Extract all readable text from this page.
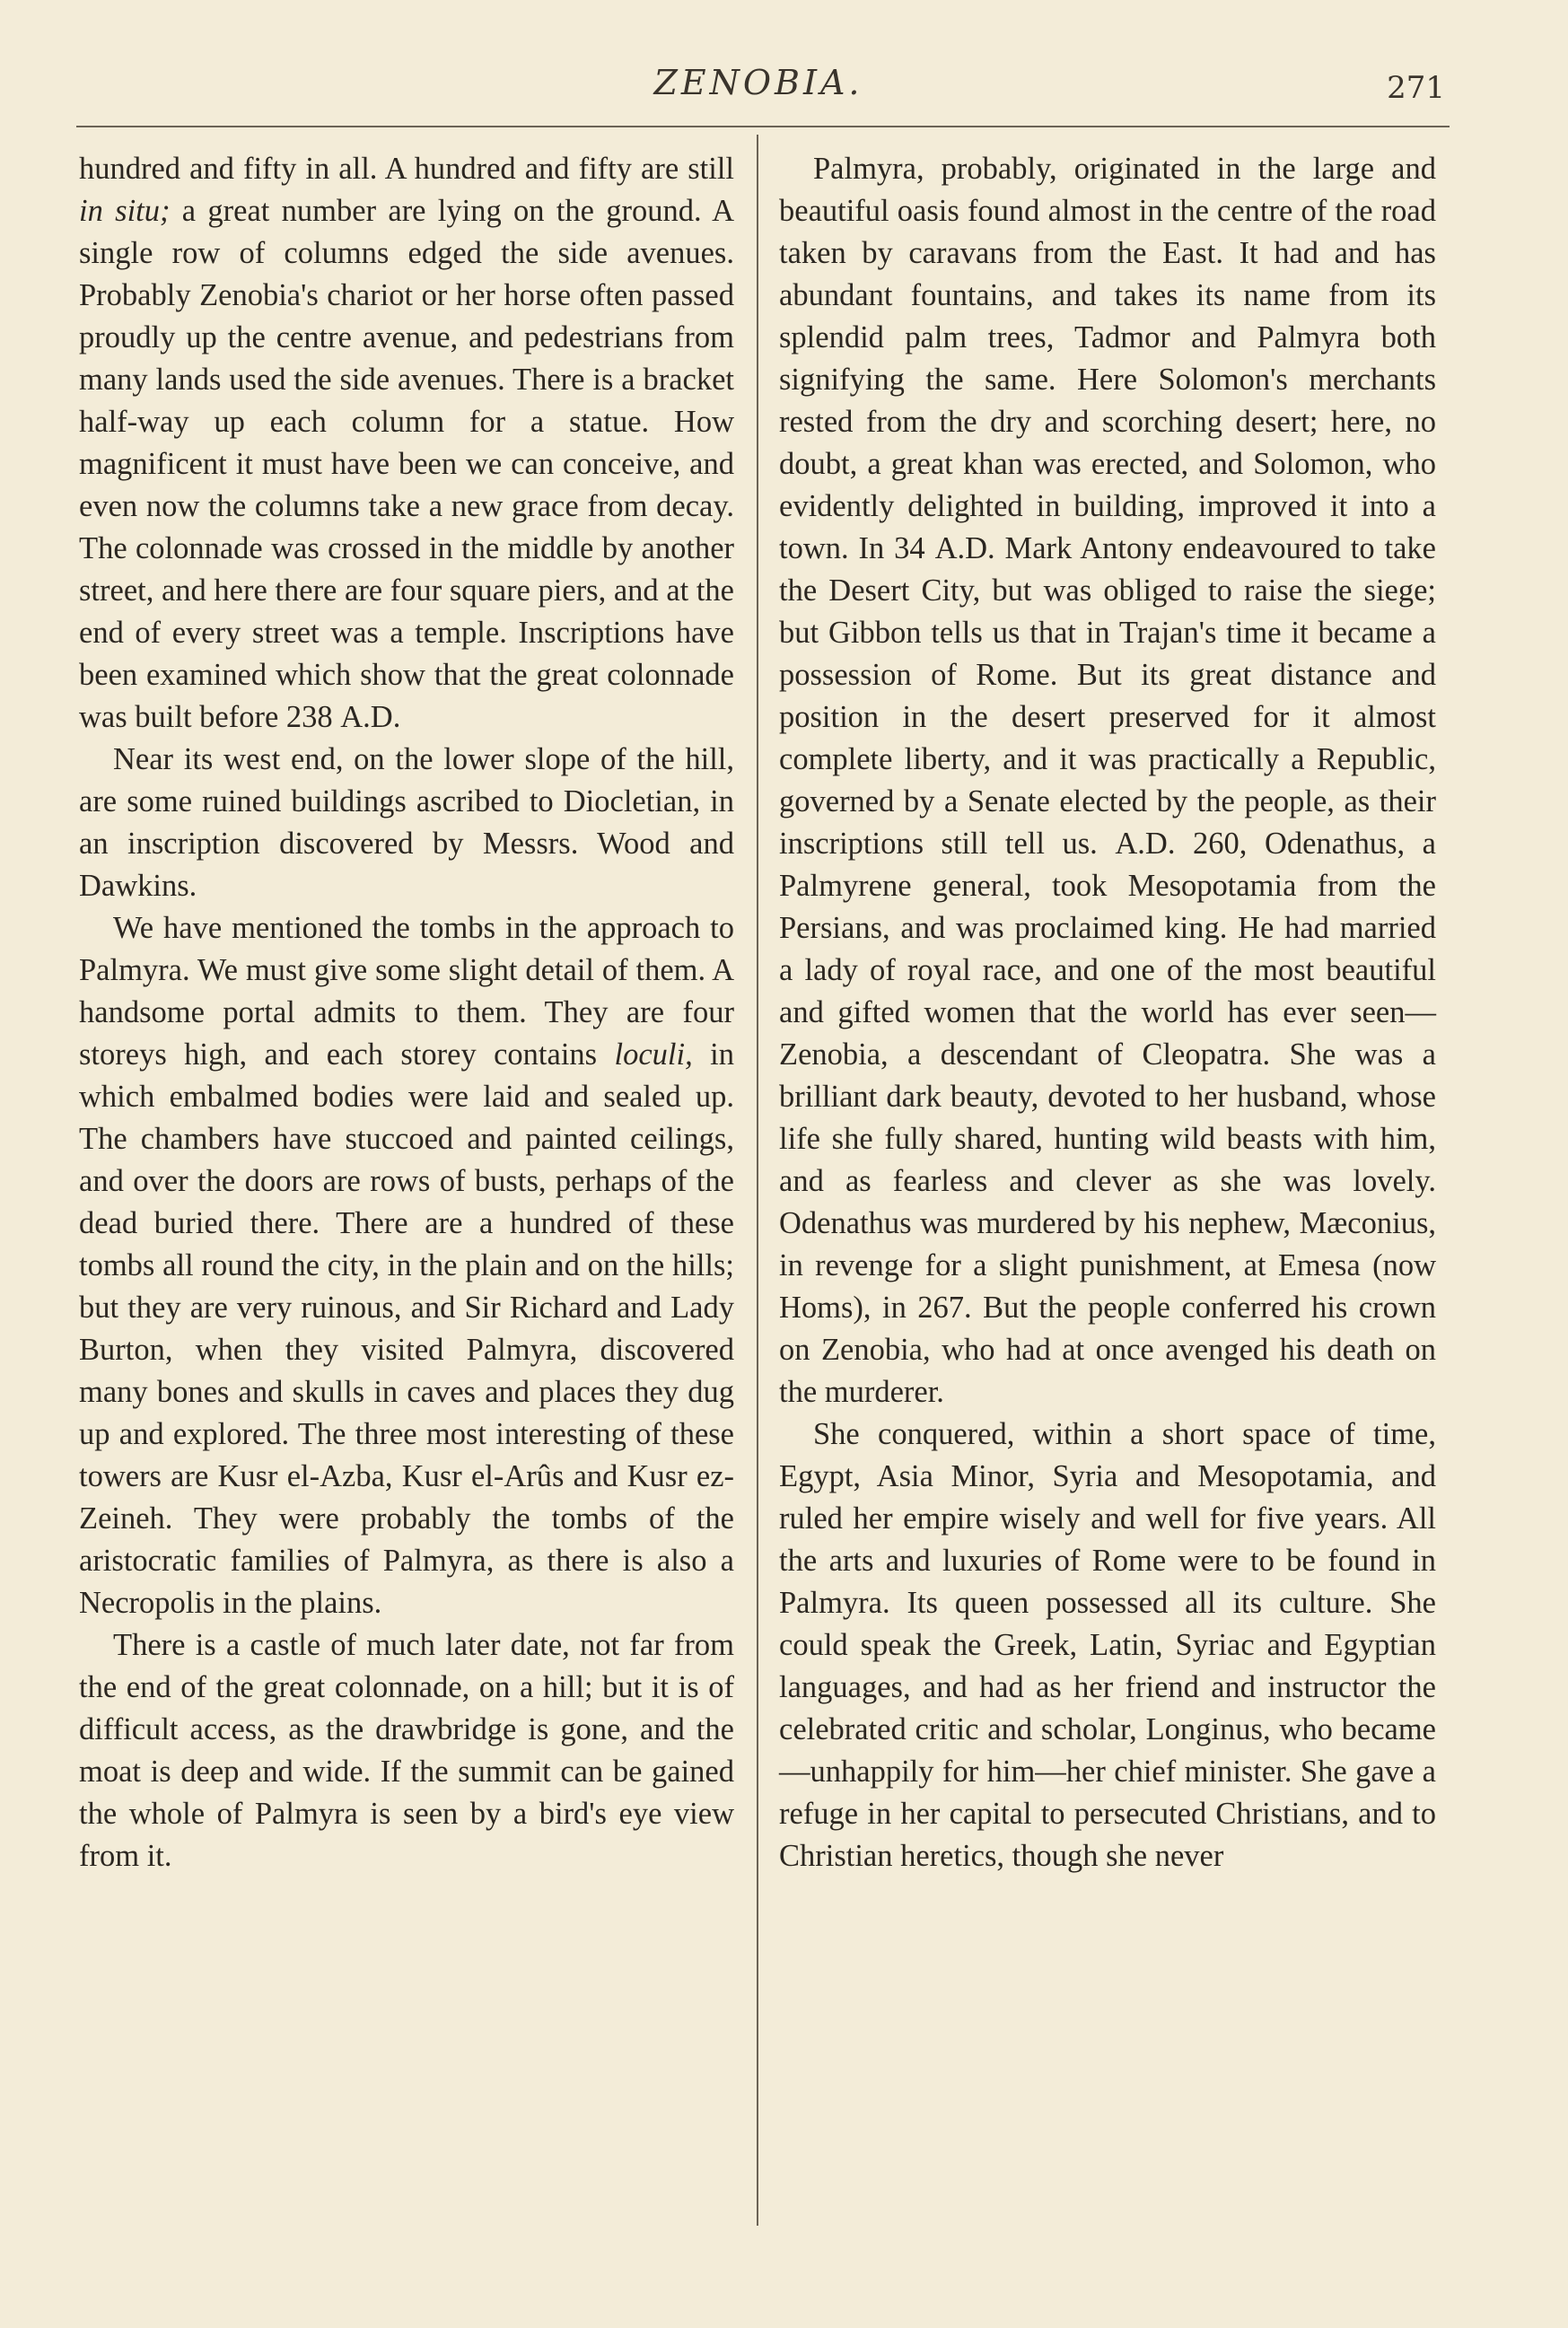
ZENOBIA.	271

hundred and fifty in all. A hundred and fifty are still in situ; a great number are lying on the ground. A single row of columns edged the side avenues. Probably Zenobia's chariot or her horse often passed proudly up the centre avenue, and pedestrians from many lands used the side avenues. There is a bracket half-way up each column for a statue. How magnificent it must have been we can conceive, and even now the columns take a new grace from decay. The colonnade was crossed in the middle by another street, and here there are four square piers, and at the end of every street was a temple. Inscriptions have been examined which show that the great colonnade was built before 238 A.D.

Near its west end, on the lower slope of the hill, are some ruined buildings ascribed to Diocletian, in an inscription discovered by Messrs. Wood and Dawkins.

We have mentioned the tombs in the approach to Palmyra. We must give some slight detail of them. A handsome portal admits to them. They are four storeys high, and each storey contains loculi, in which embalmed bodies were laid and sealed up. The chambers have stuccoed and painted ceilings, and over the doors are rows of busts, perhaps of the dead buried there. There are a hundred of these tombs all round the city, in the plain and on the hills; but they are very ruinous, and Sir Richard and Lady Burton, when they visited Palmyra, discovered many bones and skulls in caves and places they dug up and explored. The three most interesting of these towers are Kusr el-Azba, Kusr el-Arûs and Kusr ez-Zeineh. They were probably the tombs of the aristocratic families of Palmyra, as there is also a Necropolis in the plains.

There is a castle of much later date, not far from the end of the great colonnade, on a hill; but it is of difficult access, as the drawbridge is gone, and the moat is deep and wide. If the summit can be gained the whole of Palmyra is seen by a bird's eye view from it.

Palmyra, probably, originated in the large and beautiful oasis found almost in the centre of the road taken by caravans from the East. It had and has abundant fountains, and takes its name from its splendid palm trees, Tadmor and Palmyra both signifying the same. Here Solomon's merchants rested from the dry and scorching desert; here, no doubt, a great khan was erected, and Solomon, who evidently delighted in building, improved it into a town. In 34 A.D. Mark Antony endeavoured to take the Desert City, but was obliged to raise the siege; but Gibbon tells us that in Trajan's time it became a possession of Rome. But its great distance and position in the desert preserved for it almost complete liberty, and it was practically a Republic, governed by a Senate elected by the people, as their inscriptions still tell us. A.D. 260, Odenathus, a Palmyrene general, took Mesopotamia from the Persians, and was proclaimed king. He had married a lady of royal race, and one of the most beautiful and gifted women that the world has ever seen—Zenobia, a descendant of Cleopatra. She was a brilliant dark beauty, devoted to her husband, whose life she fully shared, hunting wild beasts with him, and as fearless and clever as she was lovely. Odenathus was murdered by his nephew, Mæconius, in revenge for a slight punishment, at Emesa (now Homs), in 267. But the people conferred his crown on Zenobia, who had at once avenged his death on the murderer.

She conquered, within a short space of time, Egypt, Asia Minor, Syria and Mesopotamia, and ruled her empire wisely and well for five years. All the arts and luxuries of Rome were to be found in Palmyra. Its queen possessed all its culture. She could speak the Greek, Latin, Syriac and Egyptian languages, and had as her friend and instructor the celebrated critic and scholar, Longinus, who became—unhappily for him—her chief minister. She gave a refuge in her capital to persecuted Christians, and to Christian heretics, though she never
